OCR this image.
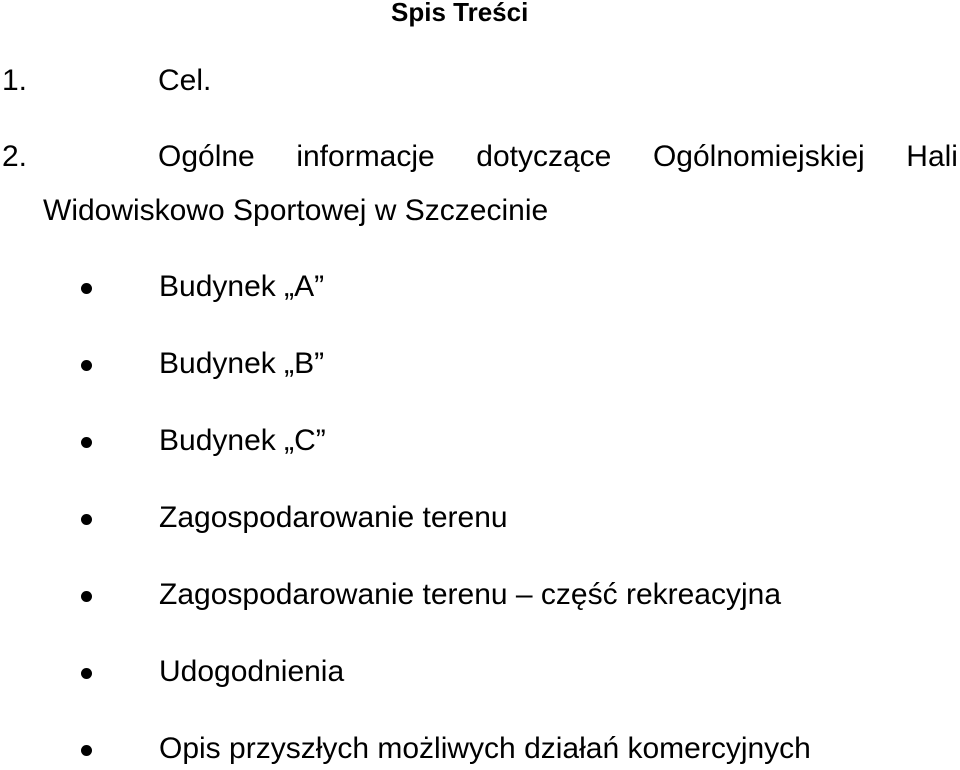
Spis Treści
1.	Cel.
2.	Ogólne informacje dotyczące Ogólnomiejskiej Hali
Widowiskowo Sportowej w Szczecinie
Budynek „A”
Budynek „B”
Budynek „C”
Zagospodarowanie terenu
Zagospodarowanie terenu – część rekreacyjna
Udogodnienia
Opis przyszłych możliwych działań komercyjnych
